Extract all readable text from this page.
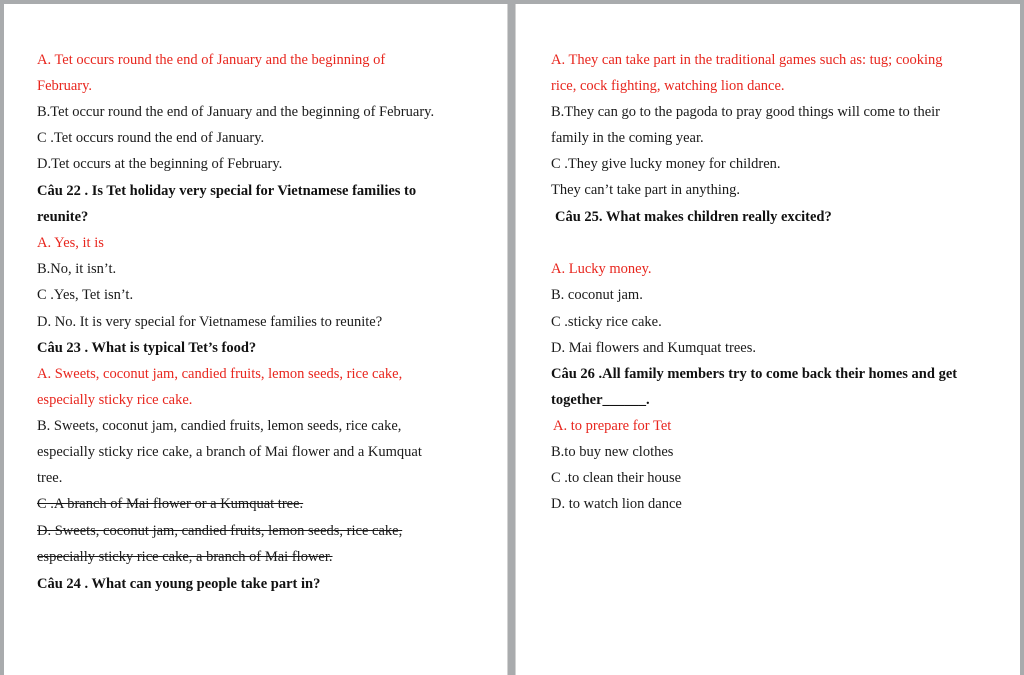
A. Tet occurs round the end of January and the beginning of
February.
B.Tet occur round the end of January and the beginning of February.
C .Tet occurs round the end of January.
D.Tet occurs at the beginning of February.
Câu 22 . Is Tet holiday very special for Vietnamese families to
reunite?
A. Yes, it is
B.No, it isn’t.
C .Yes, Tet isn’t.
D. No. It is very special for Vietnamese families to reunite?
Câu 23 . What is typical Tet’s food?
A. Sweets, coconut jam, candied fruits, lemon seeds, rice cake,
especially sticky rice cake.
B. Sweets, coconut jam, candied fruits, lemon seeds, rice cake,
especially sticky rice cake, a branch of Mai flower and a Kumquat
tree.
C .A branch of Mai flower or a Kumquat tree.
D. Sweets, coconut jam, candied fruits, lemon seeds, rice cake,
especially sticky rice cake, a branch of Mai flower.
Câu 24 . What can young people take part in?
A. They can take part in the traditional games such as: tug; cooking
rice, cock fighting, watching lion dance.
B.They can go to the pagoda to pray good things will come to their
family in the coming year.
C .They give lucky money for children.
They can’t take part in anything.
Câu 25. What makes children really excited?
A. Lucky money.
B. coconut jam.
C .sticky rice cake.
D. Mai flowers and Kumquat trees.
Câu 26 .All family members try to come back their homes and get
together______.
A. to prepare for Tet
B.to buy new clothes
C .to clean their house
D. to watch lion dance
